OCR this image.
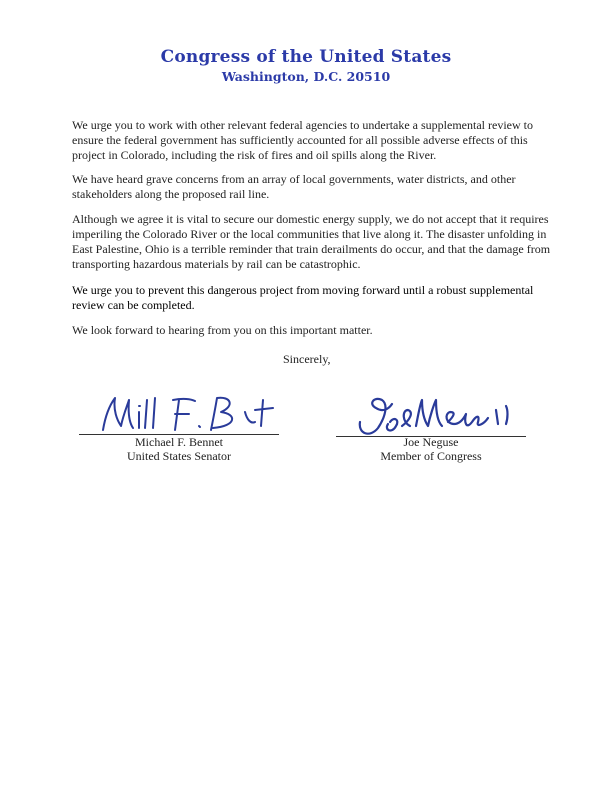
Congress of the United States
Washington, D.C. 20510

We urge you to work with other relevant federal agencies to undertake a supplemental review to ensure the federal government has sufficiently accounted for all possible adverse effects of this project in Colorado, including the risk of fires and oil spills along the River.

We have heard grave concerns from an array of local governments, water districts, and other stakeholders along the proposed rail line.

Although we agree it is vital to secure our domestic energy supply, we do not accept that it requires imperiling the Colorado River or the local communities that live along it. The disaster unfolding in East Palestine, Ohio is a terrible reminder that train derailments do occur, and that the damage from transporting hazardous materials by rail can be catastrophic.

We urge you to prevent this dangerous project from moving forward until a robust supplemental review can be completed.

We look forward to hearing from you on this important matter.

Sincerely,
Michael F. Bennet
United States Senator
Joe Neguse
Member of Congress
